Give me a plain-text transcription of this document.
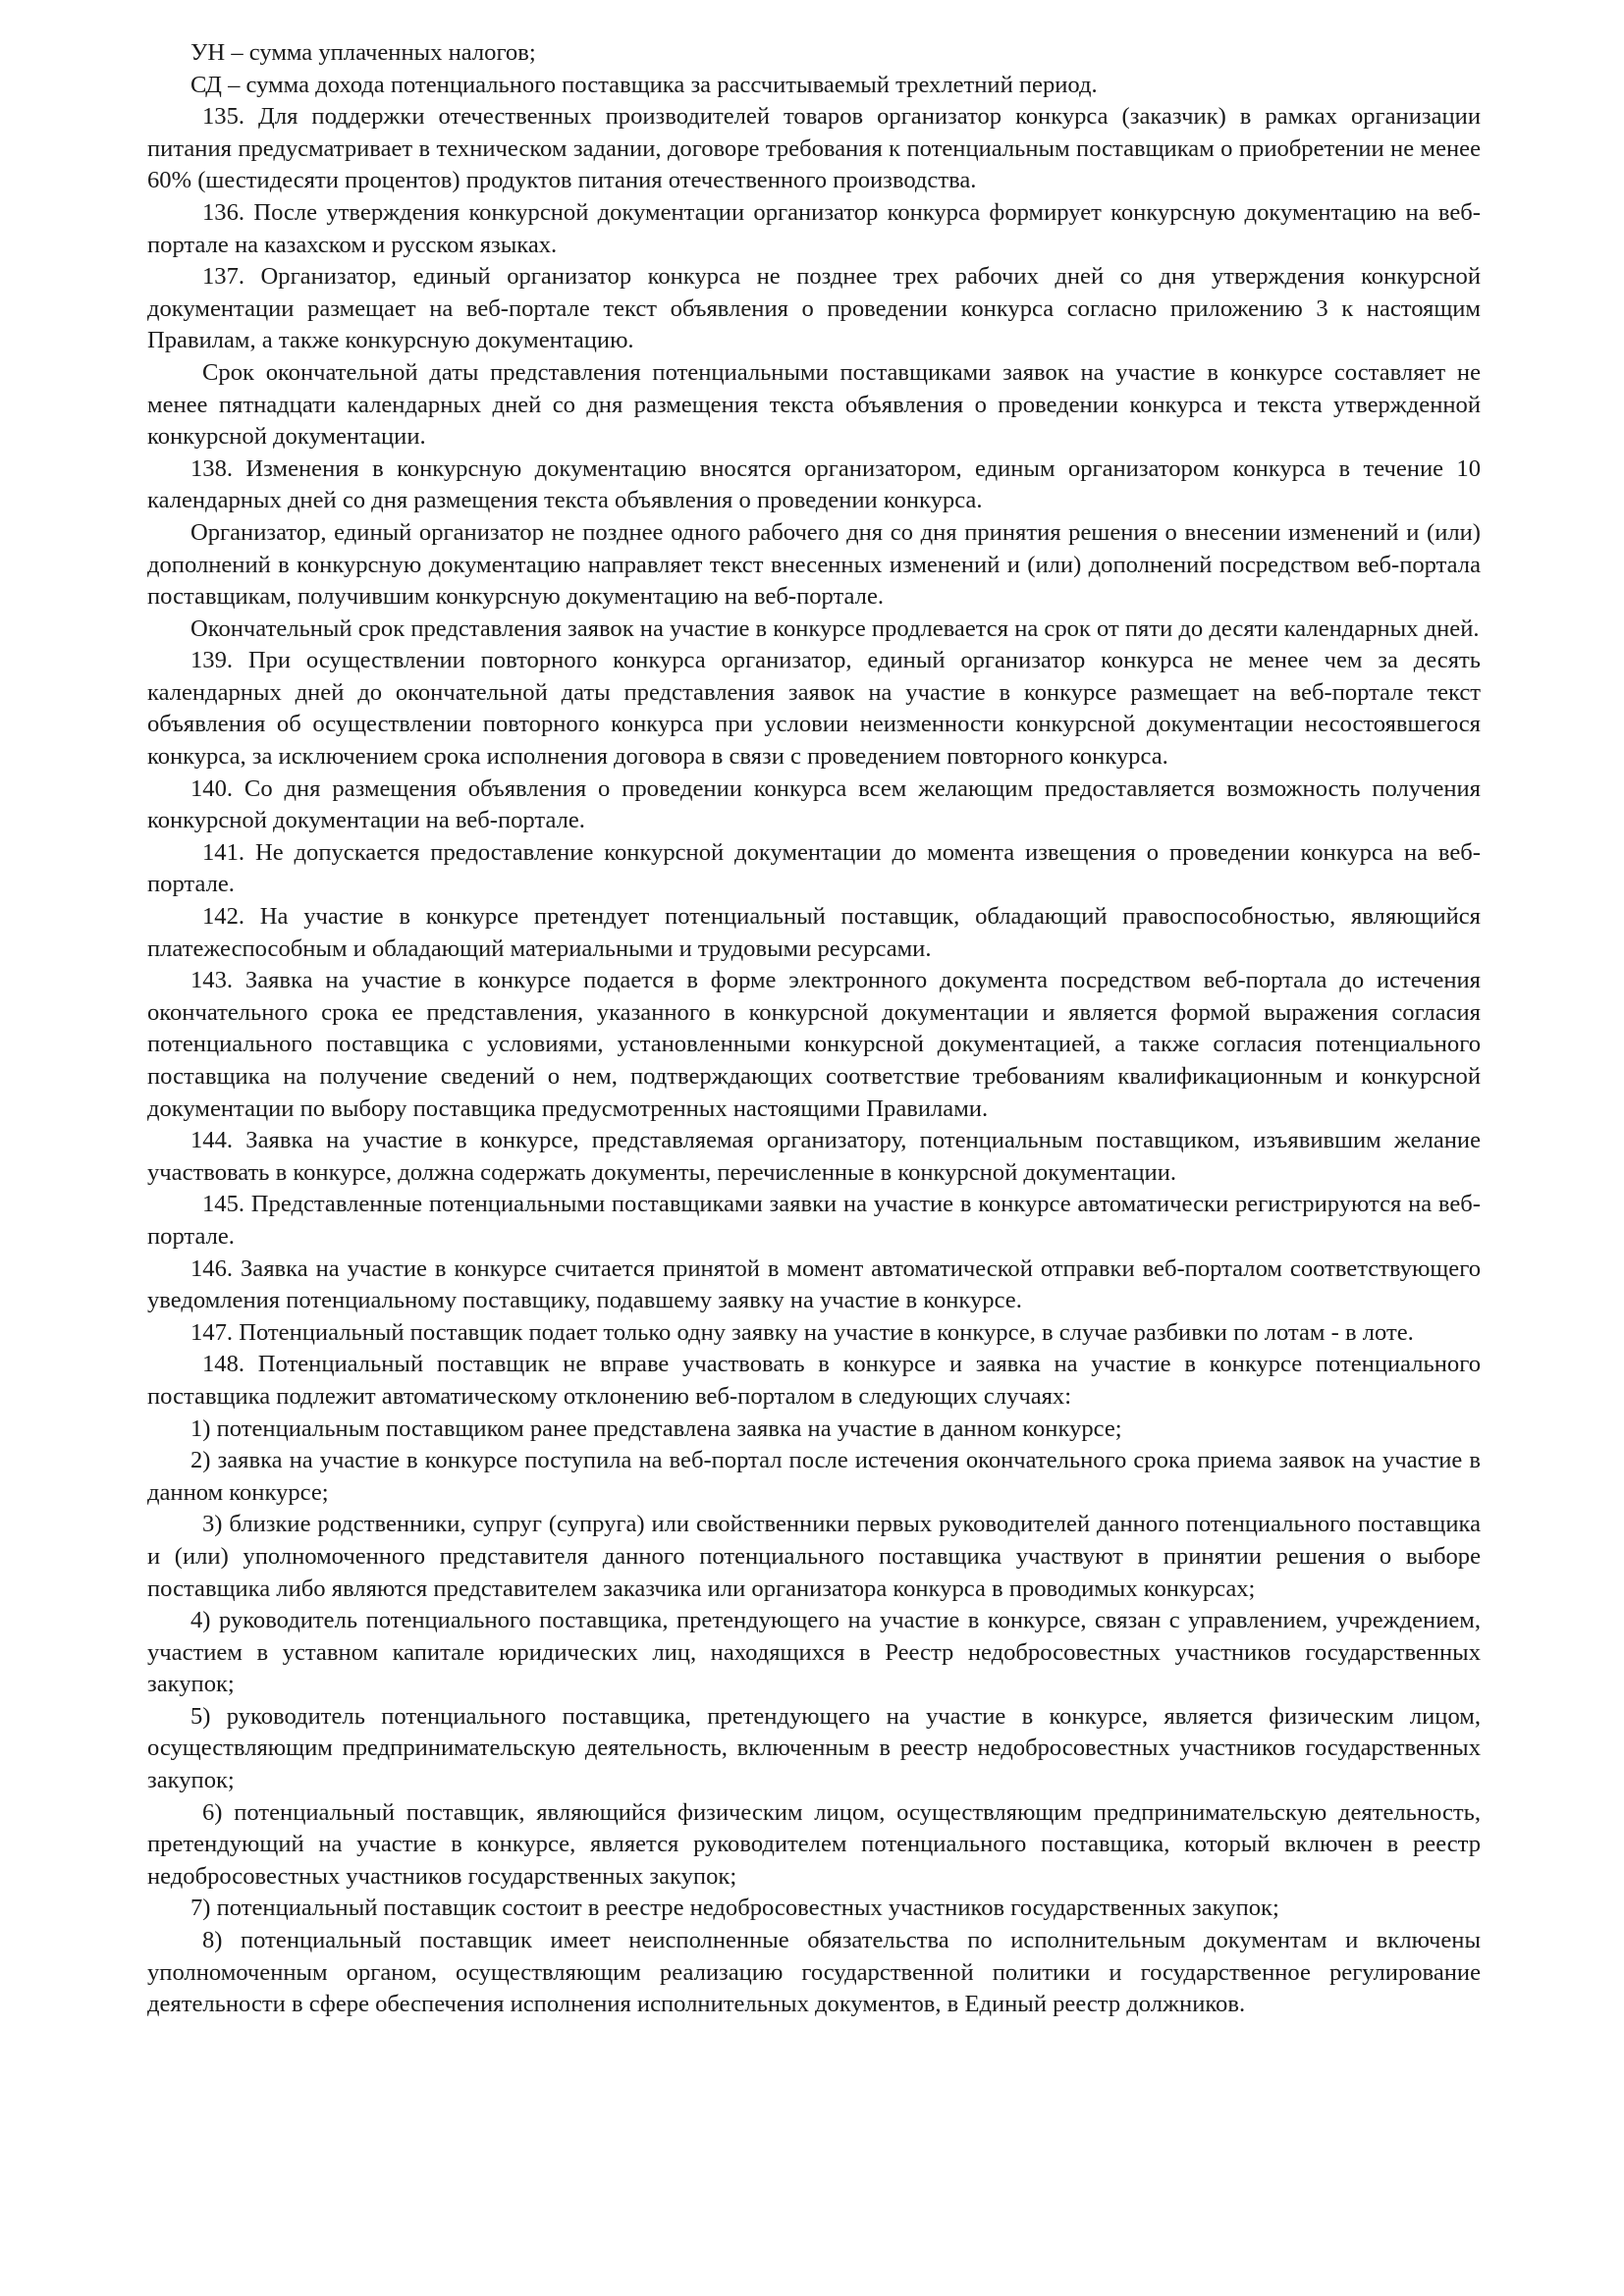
УН – сумма уплаченных налогов;

СД – сумма дохода потенциального поставщика за рассчитываемый трехлетний период.

135. Для поддержки отечественных производителей товаров организатор конкурса (заказчик) в рамках организации питания предусматривает в техническом задании, договоре требования к потенциальным поставщикам о приобретении не менее 60% (шестидесяти процентов) продуктов питания отечественного производства.

136. После утверждения конкурсной документации организатор конкурса формирует конкурсную документацию на веб-портале на казахском и русском языках.

137. Организатор, единый организатор конкурса не позднее трех рабочих дней со дня утверждения конкурсной документации размещает на веб-портале текст объявления о проведении конкурса согласно приложению 3 к настоящим Правилам, а также конкурсную документацию.

Срок окончательной даты представления потенциальными поставщиками заявок на участие в конкурсе составляет не менее пятнадцати календарных дней со дня размещения текста объявления о проведении конкурса и текста утвержденной конкурсной документации.

138. Изменения в конкурсную документацию вносятся организатором, единым организатором конкурса в течение 10 календарных дней со дня размещения текста объявления о проведении конкурса.

Организатор, единый организатор не позднее одного рабочего дня со дня принятия решения о внесении изменений и (или) дополнений в конкурсную документацию направляет текст внесенных изменений и (или) дополнений посредством веб-портала поставщикам, получившим конкурсную документацию на веб-портале.

Окончательный срок представления заявок на участие в конкурсе продлевается на срок от пяти до десяти календарных дней.

139. При осуществлении повторного конкурса организатор, единый организатор конкурса не менее чем за десять календарных дней до окончательной даты представления заявок на участие в конкурсе размещает на веб-портале текст объявления об осуществлении повторного конкурса при условии неизменности конкурсной документации несостоявшегося конкурса, за исключением срока исполнения договора в связи с проведением повторного конкурса.

140. Со дня размещения объявления о проведении конкурса всем желающим предоставляется возможность получения конкурсной документации на веб-портале.

141. Не допускается предоставление конкурсной документации до момента извещения о проведении конкурса на веб-портале.

142. На участие в конкурсе претендует потенциальный поставщик, обладающий правоспособностью, являющийся платежеспособным и обладающий материальными и трудовыми ресурсами.

143. Заявка на участие в конкурсе подается в форме электронного документа посредством веб-портала до истечения окончательного срока ее представления, указанного в конкурсной документации и является формой выражения согласия потенциального поставщика с условиями, установленными конкурсной документацией, а также согласия потенциального поставщика на получение сведений о нем, подтверждающих соответствие требованиям квалификационным и конкурсной документации по выбору поставщика предусмотренных настоящими Правилами.

144. Заявка на участие в конкурсе, представляемая организатору, потенциальным поставщиком, изъявившим желание участвовать в конкурсе, должна содержать документы, перечисленные в конкурсной документации.

145. Представленные потенциальными поставщиками заявки на участие в конкурсе автоматически регистрируются на веб-портале.

146. Заявка на участие в конкурсе считается принятой в момент автоматической отправки веб-порталом соответствующего уведомления потенциальному поставщику, подавшему заявку на участие в конкурсе.

147. Потенциальный поставщик подает только одну заявку на участие в конкурсе, в случае разбивки по лотам - в лоте.

148. Потенциальный поставщик не вправе участвовать в конкурсе и заявка на участие в конкурсе потенциального поставщика подлежит автоматическому отклонению веб-порталом в следующих случаях:

1) потенциальным поставщиком ранее представлена заявка на участие в данном конкурсе;

2) заявка на участие в конкурсе поступила на веб-портал после истечения окончательного срока приема заявок на участие в данном конкурсе;

3) близкие родственники, супруг (супруга) или свойственники первых руководителей данного потенциального поставщика и (или) уполномоченного представителя данного потенциального поставщика участвуют в принятии решения о выборе поставщика либо являются представителем заказчика или организатора конкурса в проводимых конкурсах;

4) руководитель потенциального поставщика, претендующего на участие в конкурсе, связан с управлением, учреждением, участием в уставном капитале юридических лиц, находящихся в Реестр недобросовестных участников государственных закупок;

5) руководитель потенциального поставщика, претендующего на участие в конкурсе, является физическим лицом, осуществляющим предпринимательскую деятельность, включенным в реестр недобросовестных участников государственных закупок;

6) потенциальный поставщик, являющийся физическим лицом, осуществляющим предпринимательскую деятельность, претендующий на участие в конкурсе, является руководителем потенциального поставщика, который включен в реестр недобросовестных участников государственных закупок;

7) потенциальный поставщик состоит в реестре недобросовестных участников государственных закупок;

8) потенциальный поставщик имеет неисполненные обязательства по исполнительным документам и включены уполномоченным органом, осуществляющим реализацию государственной политики и государственное регулирование деятельности в сфере обеспечения исполнения исполнительных документов, в Единый реестр должников.
